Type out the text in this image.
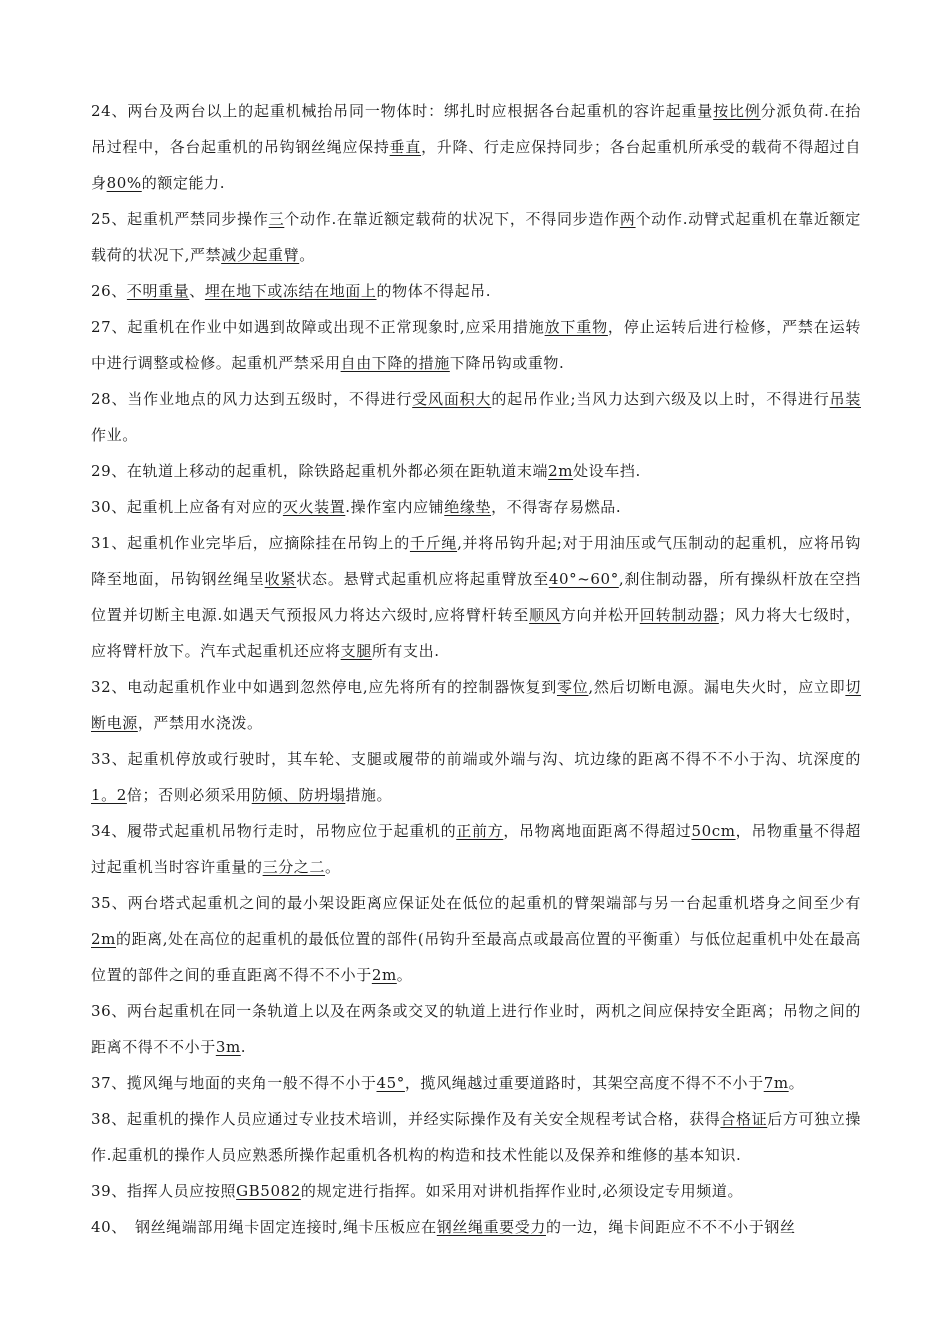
24、两台及两台以上的起重机械抬吊同一物体时：绑扎时应根据各台起重机的容许起重量按比例分派负荷.在抬吊过程中，各台起重机的吊钩钢丝绳应保持垂直，升降、行走应保持同步；各台起重机所承受的载荷不得超过自身80%的额定能力.

25、起重机严禁同步操作三个动作.在靠近额定载荷的状况下，不得同步造作两个动作.动臂式起重机在靠近额定载荷的状况下,严禁减少起重臂。

26、不明重量、埋在地下或冻结在地面上的物体不得起吊.

27、起重机在作业中如遇到故障或出现不正常现象时,应采用措施放下重物，停止运转后进行检修，严禁在运转中进行调整或检修。起重机严禁采用自由下降的措施下降吊钩或重物.

28、当作业地点的风力达到五级时，不得进行受风面积大的起吊作业;当风力达到六级及以上时，不得进行吊装作业。

29、在轨道上移动的起重机，除铁路起重机外都必须在距轨道末端2m处设车挡.

30、起重机上应备有对应的灭火装置.操作室内应铺绝缘垫，不得寄存易燃品.

31、起重机作业完毕后，应摘除挂在吊钩上的千斤绳,并将吊钩升起;对于用油压或气压制动的起重机，应将吊钩降至地面，吊钩钢丝绳呈收紧状态。悬臂式起重机应将起重臂放至40°~60°,刹住制动器，所有操纵杆放在空挡位置并切断主电源.如遇天气预报风力将达六级时,应将臂杆转至顺风方向并松开回转制动器；风力将大七级时，应将臂杆放下。汽车式起重机还应将支腿所有支出.

32、电动起重机作业中如遇到忽然停电,应先将所有的控制器恢复到零位,然后切断电源。漏电失火时，应立即切断电源，严禁用水浇泼。

33、起重机停放或行驶时，其车轮、支腿或履带的前端或外端与沟、坑边缘的距离不得不不小于沟、坑深度的1。2倍；否则必须采用防倾、防坍塌措施。

34、履带式起重机吊物行走时，吊物应位于起重机的正前方，吊物离地面距离不得超过50cm，吊物重量不得超过起重机当时容许重量的三分之二。

35、两台塔式起重机之间的最小架设距离应保证处在低位的起重机的臂架端部与另一台起重机塔身之间至少有2m的距离,处在高位的起重机的最低位置的部件(吊钩升至最高点或最高位置的平衡重）与低位起重机中处在最高位置的部件之间的垂直距离不得不不小于2m。

36、两台起重机在同一条轨道上以及在两条或交叉的轨道上进行作业时，两机之间应保持安全距离；吊物之间的距离不得不不小于3m.

37、揽风绳与地面的夹角一般不得不小于45°，揽风绳越过重要道路时，其架空高度不得不不小于7m。

38、起重机的操作人员应通过专业技术培训，并经实际操作及有关安全规程考试合格，获得合格证后方可独立操作.起重机的操作人员应熟悉所操作起重机各机构的构造和技术性能以及保养和维修的基本知识.

39、指挥人员应按照GB5082的规定进行指挥。如采用对讲机指挥作业时,必须设定专用频道。

40、　钢丝绳端部用绳卡固定连接时,绳卡压板应在钢丝绳重要受力的一边，绳卡间距应不不不小于钢丝
